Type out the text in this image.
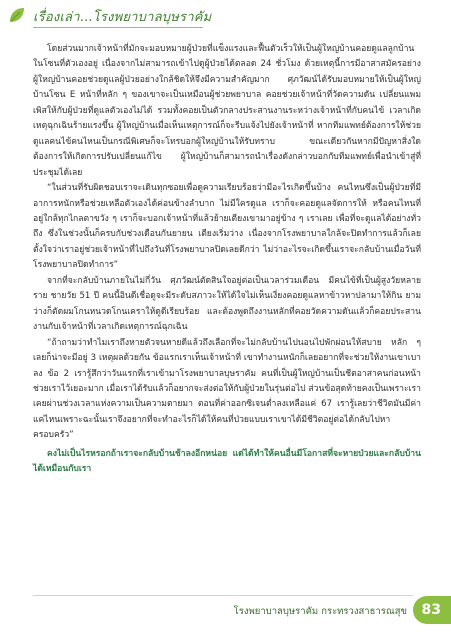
เรื่องเล่า...โรงพยาบาลบุษราคัม

โดยส่วนมากเจ้าหน้าที่มักจะมอบหมายผู้ป่วยที่แข็งแรงและฟื้นตัวเร็วให้เป็นผู้ใหญ่บ้านคอยดูแลลูกบ้านในโซนที่ตัวเองอยู่ เนื่องจากไม่สามารถเข้าไปดูผู้ป่วยได้ตลอด 24 ชั่วโมง ด้วยเหตุนี้การมีอาสาสมัครอย่างผู้ใหญ่บ้านคอยช่วยดูแลผู้ป่วยอย่างใกล้ชิดให้จึงมีความสำคัญมาก ศุภวัฒน์ได้รับมอบหมายให้เป็นผู้ใหญ่บ้านโซน E หน้าที่หลัก ๆ ของเขาจะเป็นเหมือนผู้ช่วยพยาบาล คอยช่วยเจ้าหน้าที่วัดความดัน เปลี่ยนแพมเพิสให้กับผู้ป่วยที่ดูแลตัวเองไม่ได้ รวมทั้งคอยเป็นตัวกลางประสานงานระหว่างเจ้าหน้าที่กับคนไข้ เวลาเกิดเหตุฉุกเฉินร้ายแรงขึ้น ผู้ใหญ่บ้านเมื่อเห็นเหตุการณ์ก็จะรีบแจ้งไปยังเจ้าหน้าที่ หากทีมแพทย์ต้องการให้ช่วยดูแลคนไข้คนไหนเป็นกรณีพิเศษก็จะโทรบอกผู้ใหญ่บ้านให้รับทราบ ขณะเดียวกันหากมีปัญหาสิ่งใด ต้องการให้เกิดการปรับเปลี่ยนแก้ไข ผู้ใหญ่บ้านก็สามารถนำเรื่องดังกล่าวบอกกับทีมแพทย์เพื่อนำเข้าสู่ที่ประชุมได้เลย

“ในส่วนที่รับผิดชอบเราจะเดินทุกซอยเพื่อดูความเรียบร้อยว่ามีอะไรเกิดขึ้นบ้าง คนไหนซึ่งเป็นผู้ป่วยที่มีอาการหนักหรือช่วยเหลือตัวเองได้ค่อนข้างลำบาก ไม่มีใครดูแล เราก็จะคอยดูแลจัดการให้ หรือคนไหนที่อยู่ใกล้ทุกไกลตาขวัง ๆ เราก็จะบอกเจ้าหน้าที่แล้วย้ายเตียงเขามาอยู่ข้าง ๆ เราเลย เพื่อที่จะดูแลได้อย่างทั่วถึง ซึ่งในช่วงนั้นก็ครบกับช่วงเดือนกันยายน เตียงเริ่มว่าง เนื่องจากโรงพยาบาลใกล้จะปิดทำการแล้วก็เลยตั้งใจว่าเราอยู่ช่วยเจ้าหน้าที่ไปถึงวันที่โรงพยาบาลปิดเลยดีกว่า ไม่ว่าอะไรจะเกิดขึ้นเราจะกลับบ้านเมื่อวันที่โรงพยาบาลปิดทำการ”

จากที่จะกลับบ้านภายในไม่กี่วัน ศุภวัฒน์ตัดสินใจอยู่ต่อเป็นเวลาร่วมเดือน มีคนไข้ที่เป็นผู้สูงวัยหลายราย ชายวัย 51 ปี คนนี้อินดีเชื่อดูจะมีระดับสภาวะให้ได้ใจไม่เห็นเงี่ยงคอยดูแลหาข้าวหาปลามาให้กิน ยามว่างก็ตัดผมโกนหนวดโกนเคราให้ดูดีเรียบร้อย และต้องพูดถึงงานหลักที่คอยวัดความดันแล้วก็คอยประสานงานกับเจ้าหน้าที่เวลาเกิดเหตุการณ์ฉุกเฉิน

“ถ้าถามว่าทำไมเราถึงหายตัวจนหายดีแล้วถึงเลือกที่จะไม่กลับบ้านไปนอนไปพักผ่อนให้สบาย หลัก ๆ เลยก็น่าจะมีอยู่ 3 เหตุผลด้วยกัน ข้อแรกเราเห็นเจ้าหน้าที่ เขาทำงานหนักก็เลยอยากที่จะช่วยให้งานเขาเบาลง ข้อ 2 เรารู้สึกว่าวันแรกที่เราเข้ามาโรงพยาบาลบุษราคัม คนที่เป็นผู้ใหญ่บ้านเป็นชีตอาสาคนก่อนหน้า ช่วยเราไว้เยอะมาก เมื่อเราได้รับแล้วก็อยากจะส่งต่อให้กับผู้ป่วยในรุ่นต่อไป ส่วนข้อสุดท้ายคงเป็นเพราะเราเคยผ่านช่วงเวลาแห่งความเป็นความตายมา ตอนที่ค่าออกซิเจนต่ำลงเหลือแค่ 67 เรารู้เลยว่าชีวิตมันมีค่าแค่ไหนเพราะฉะนั้นเราจึงอยากที่จะทำอะไรก็ได้ให้คนที่ป่วยแบบเราเขาได้มีชีวิตอยู่ต่อได้กลับไปหาครอบครัว”

คงไม่เป็นไรหรอกถ้าเราจะกลับบ้านช้าลงอีกหน่อย แต่ได้ทำให้คนอื่นมีโอกาสที่จะหายป่วยและกลับบ้านได้เหมือนกับเรา

โรงพยาบาลบุษราคัม กระทรวงสาธารณสุข 83
